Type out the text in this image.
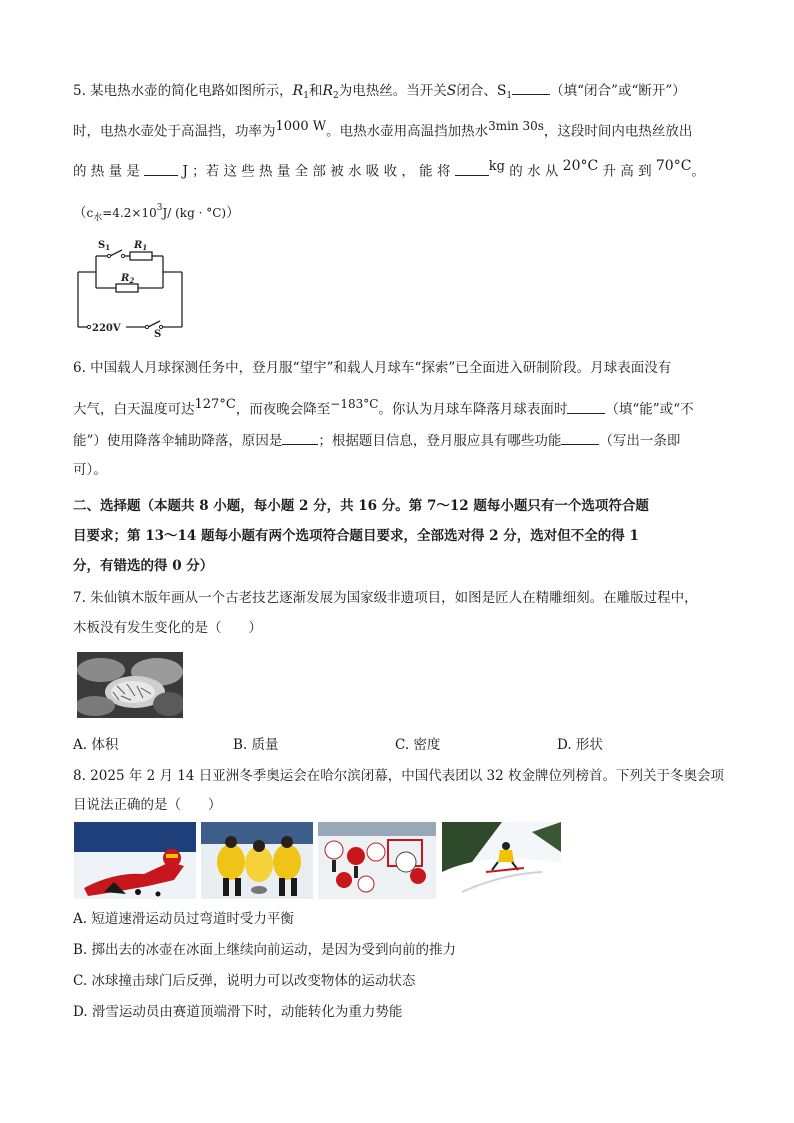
5. 某电热水壶的简化电路如图所示，$R_1$和$R_2$为电热丝。当开关S闭合、$S_1$	（填“闭合”或“断开”）
时，电热水壶处于高温挡，功率为$^{1000 W}$。电热水壶用高温挡加热水$^{3min 30s}$，这段时间内电热丝放出
的 热 量 是	J ；若 这 些 热 量 全 部 被 水 吸 收 ， 能 将	$^{kg}$ 的 水 从 $^{20^\circ C}$ 升 高 到 $^{70^\circ C}$。
（$c_水=4.2\times 10^3J/$ (kg · °C)）
$S_1$ $R_1$
$R_2$
220V
S
6. 中国载人月球探测任务中，登月服“望宇”和载人月球车“探索”已全面进入研制阶段。月球表面没有
大气，白天温度可达$^{127^\circ C}$，而夜晚会降至$^{-183^\circ C}$。你认为月球车降落月球表面时	（填“能”或“不
能”）使用降落伞辅助降落，原因是	；根据题目信息，登月服应具有哪些功能	（写出一条即
可）。
二、选择题（本题共 8 小题，每小题 2 分，共 16 分。第 7～12 题每小题只有一个选项符合题
目要求；第 13～14 题每小题有两个选项符合题目要求，全部选对得 2 分，选对但不全的得 1
分，有错选的得 0 分）
7. 朱仙镇木版年画从一个古老技艺逐渐发展为国家级非遗项目，如图是匠人在精雕细刻。在雕版过程中，
木板没有发生变化的是（　　）
A. 体积	B. 质量	C. 密度	D. 形状
8. 2025 年 2 月 14 日亚洲冬季奥运会在哈尔滨闭幕，中国代表团以 32 枚金牌位列榜首。下列关于冬奥会项
目说法正确的是（　　）
A. 短道速滑运动员过弯道时受力平衡
B. 掷出去的冰壶在冰面上继续向前运动，是因为受到向前的推力
C. 冰球撞击球门后反弹，说明力可以改变物体的运动状态
D. 滑雪运动员由赛道顶端滑下时，动能转化为重力势能
